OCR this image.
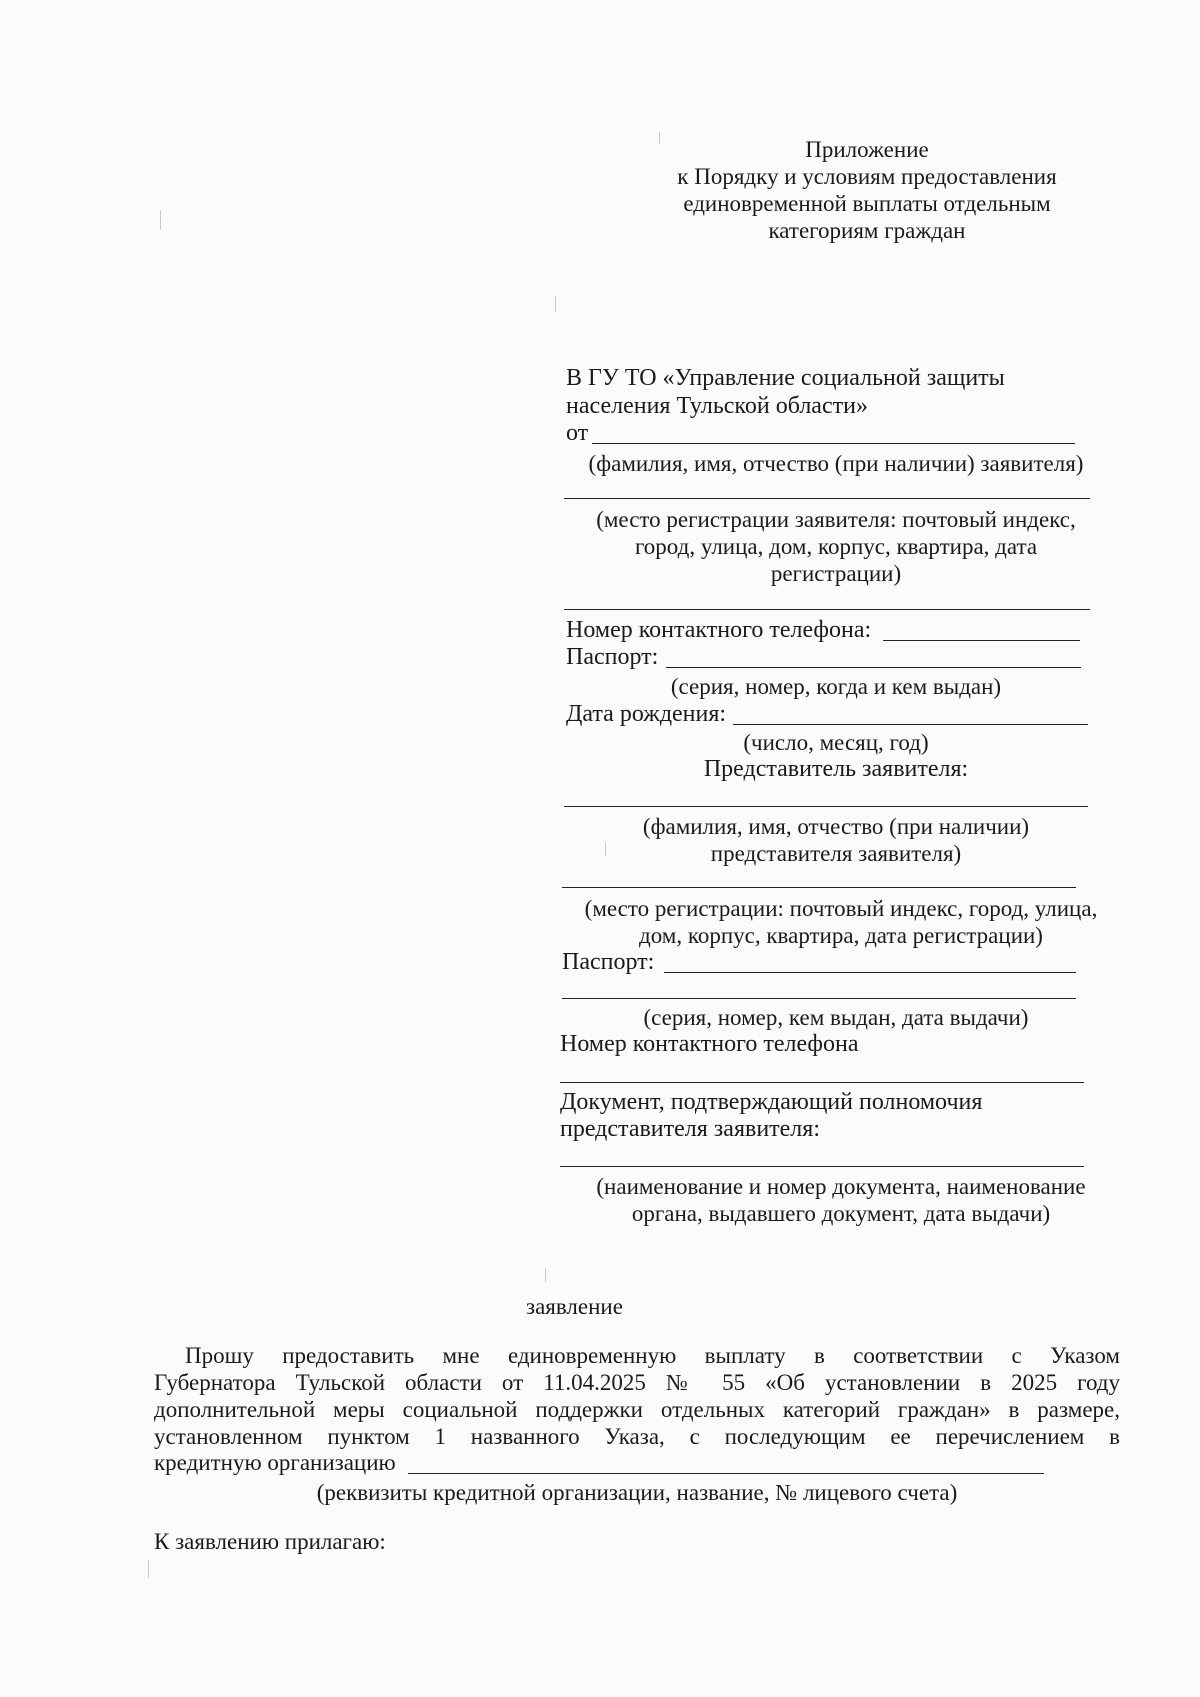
Приложение
к Порядку и условиям предоставления
единовременной выплаты отдельным
категориям граждан
В ГУ ТО «Управление социальной защиты
населения Тульской области»
от
(фамилия, имя, отчество (при наличии) заявителя)
(место регистрации заявителя: почтовый индекс,
город, улица, дом, корпус, квартира, дата
регистрации)
Номер контактного телефона:
Паспорт:
(серия, номер, когда и кем выдан)
Дата рождения:
(число, месяц, год)
Представитель заявителя:
(фамилия, имя, отчество (при наличии)
представителя заявителя)
(место регистрации: почтовый индекс, город, улица,
дом, корпус, квартира, дата регистрации)
Паспорт:
(серия, номер, кем выдан, дата выдачи)
Номер контактного телефона
Документ, подтверждающий полномочия
представителя заявителя:
(наименование и номер документа, наименование
органа, выдавшего документ, дата выдачи)
заявление
Прошу предоставить мне единовременную выплату в соответствии с Указом
Губернатора Тульской области от 11.04.2025 № 55 «Об установлении в 2025 году
дополнительной меры социальной поддержки отдельных категорий граждан» в размере,
установленном пунктом 1 названного Указа, с последующим ее перечислением в
кредитную организацию
(реквизиты кредитной организации, название, № лицевого счета)
К заявлению прилагаю:
